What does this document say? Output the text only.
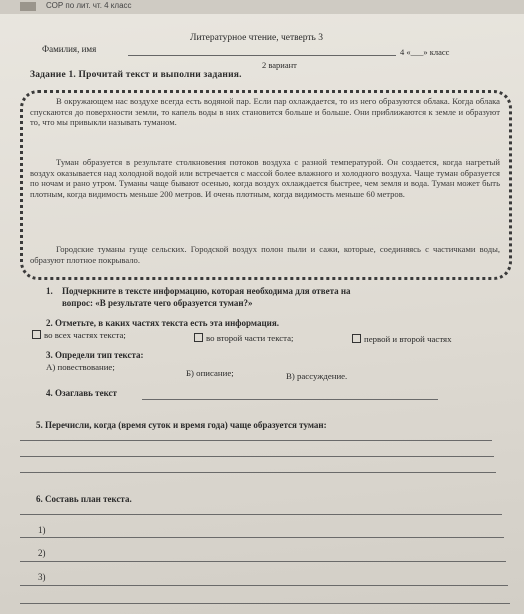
СОР по лит. чт. 4 класс
Литературное чтение, четверть 3
Фамилия, имя	4 «___» класс
2 вариант
Задание 1. Прочитай текст и выполни задания.
В окружающем нас воздухе всегда есть водяной пар. Если пар охлаждается, то из него образуются облака. Когда облака спускаются до поверхности земли, то капель воды в них становится больше и больше. Они приближаются к земле и образуют то, что мы привыкли называть туманом.
Туман образуется в результате столкновения потоков воздуха с разной температурой. Он создается, когда нагретый воздух оказывается над холодной водой или встречается с массой более влажного и холодного воздуха. Чаще туман образуется по ночам и рано утром. Туманы чаще бывают осенью, когда воздух охлаждается быстрее, чем земля и вода. Туман может быть плотным, когда видимость меньше 200 метров. И очень плотным, когда видимость меньше 60 метров.
Городские туманы гуще сельских. Городской воздух полон пыли и сажи, которые, соединяясь с частичками воды, образуют плотное покрывало.
1. Подчеркните в тексте информацию, которая необходима для ответа на
вопрос: «В результате чего образуется туман?»
2. Отметьте, в каких частях текста есть эта информация.
во всех частях текста;	во второй части текста;	первой и второй частях
3. Определи тип текста:
А) повествование;
Б) описание;	В) рассуждение.
4. Озаглавь текст
5. Перечисли, когда (время суток и время года) чаще образуется туман:
6. Составь план текста.
1)
2)
3)
